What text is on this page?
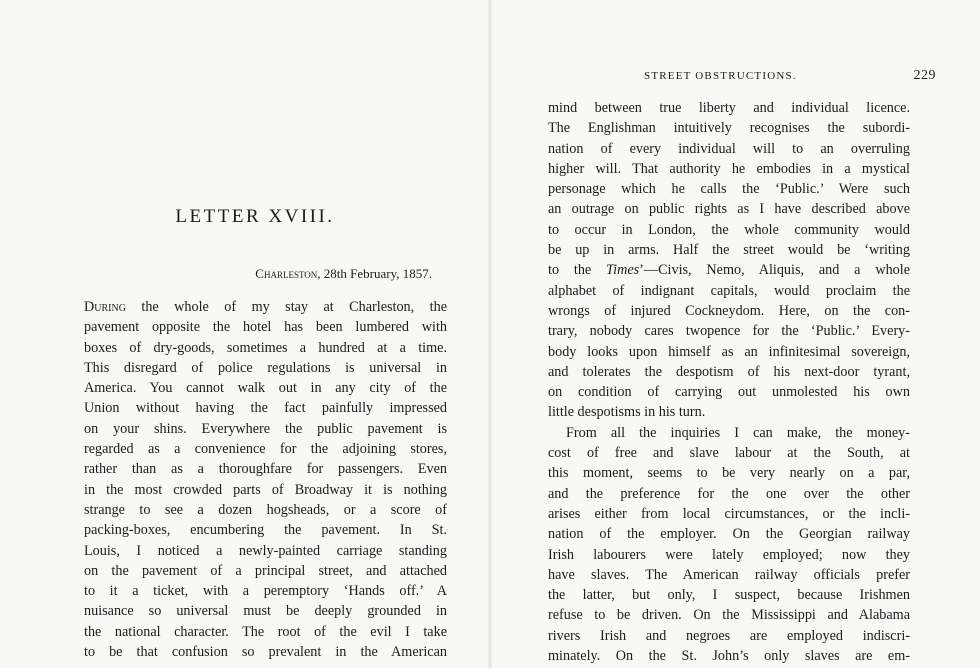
LETTER XVIII.
Charleston, 28th February, 1857.
During the whole of my stay at Charleston, the
pavement opposite the hotel has been lumbered with
boxes of dry-goods, sometimes a hundred at a time.
This disregard of police regulations is universal in
America. You cannot walk out in any city of the
Union without having the fact painfully impressed
on your shins. Everywhere the public pavement is
regarded as a convenience for the adjoining stores,
rather than as a thoroughfare for passengers. Even
in the most crowded parts of Broadway it is nothing
strange to see a dozen hogsheads, or a score of
packing-boxes, encumbering the pavement. In St.
Louis, I noticed a newly-painted carriage standing
on the pavement of a principal street, and attached
to it a ticket, with a peremptory ‘Hands off.’ A
nuisance so universal must be deeply grounded in
the national character. The root of the evil I take
to be that confusion so prevalent in the American
STREET OBSTRUCTIONS.	229
mind between true liberty and individual licence.
The Englishman intuitively recognises the subordi-
nation of every individual will to an overruling
higher will. That authority he embodies in a mystical
personage which he calls the ‘Public.’ Were such
an outrage on public rights as I have described above
to occur in London, the whole community would
be up in arms. Half the street would be ‘writing
to the Times’—Civis, Nemo, Aliquis, and a whole
alphabet of indignant capitals, would proclaim the
wrongs of injured Cockneydom. Here, on the con-
trary, nobody cares twopence for the ‘Public.’ Every-
body looks upon himself as an infinitesimal sovereign,
and tolerates the despotism of his next-door tyrant,
on condition of carrying out unmolested his own
little despotisms in his turn.
From all the inquiries I can make, the money-
cost of free and slave labour at the South, at
this moment, seems to be very nearly on a par,
and the preference for the one over the other
arises either from local circumstances, or the incli-
nation of the employer. On the Georgian railway
Irish labourers were lately employed; now they
have slaves. The American railway officials prefer
the latter, but only, I suspect, because Irishmen
refuse to be driven. On the Mississippi and Alabama
rivers Irish and negroes are employed indiscri-
minately. On the St. John’s only slaves are em-
